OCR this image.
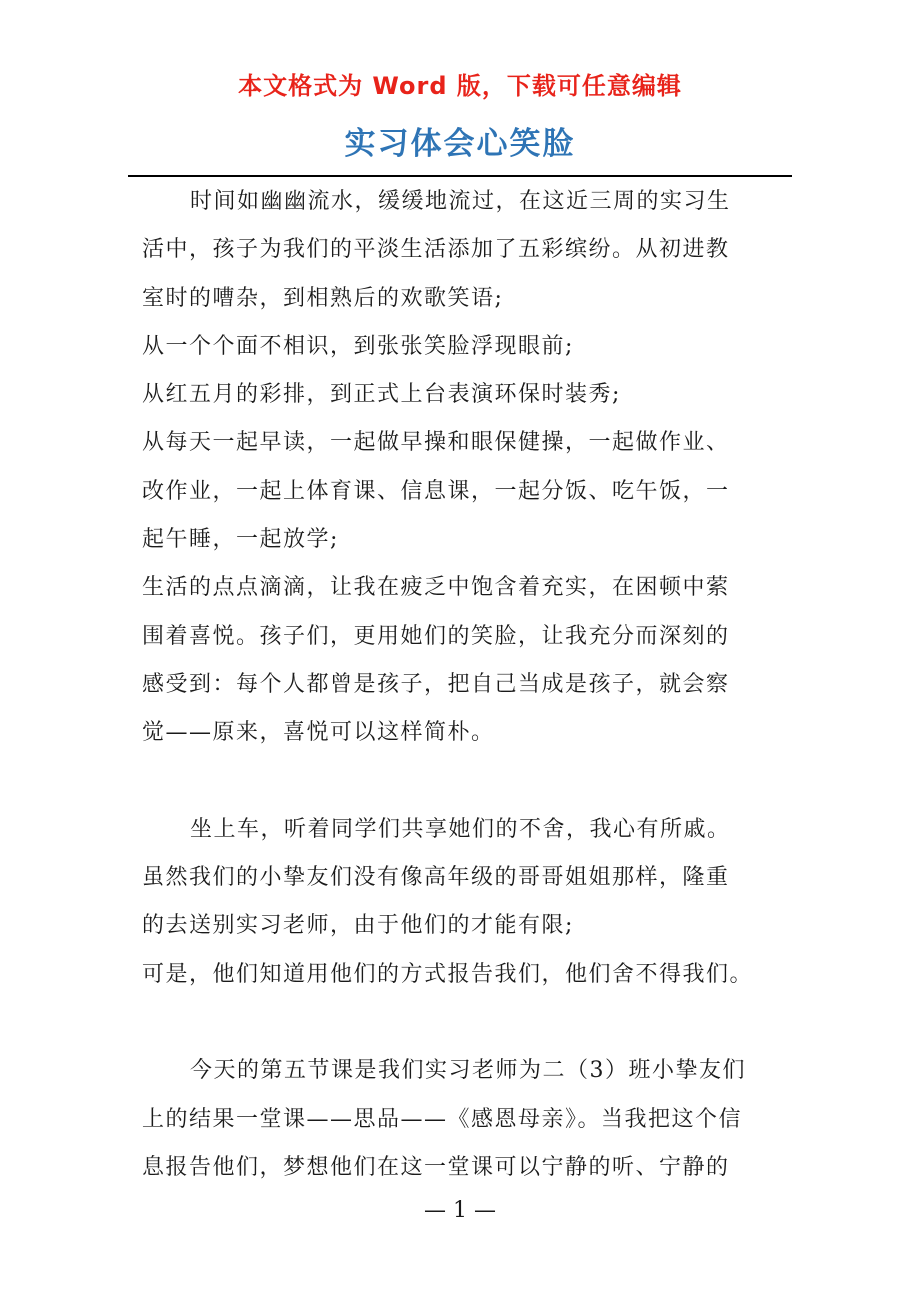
本文格式为 Word 版，下载可任意编辑
实习体会心笑脸
时间如幽幽流水，缓缓地流过，在这近三周的实习生
活中，孩子为我们的平淡生活添加了五彩缤纷。从初进教
室时的嘈杂，到相熟后的欢歌笑语;
从一个个面不相识，到张张笑脸浮现眼前;
从红五月的彩排，到正式上台表演环保时装秀;
从每天一起早读，一起做早操和眼保健操，一起做作业、
改作业，一起上体育课、信息课，一起分饭、吃午饭，一
起午睡，一起放学;
生活的点点滴滴，让我在疲乏中饱含着充实，在困顿中萦
围着喜悦。孩子们，更用她们的笑脸，让我充分而深刻的
感受到：每个人都曾是孩子，把自己当成是孩子，就会察
觉——原来，喜悦可以这样简朴。
坐上车，听着同学们共享她们的不舍，我心有所戚。
虽然我们的小挚友们没有像高年级的哥哥姐姐那样，隆重
的去送别实习老师，由于他们的才能有限;
可是，他们知道用他们的方式报告我们，他们舍不得我们。
今天的第五节课是我们实习老师为二（3）班小挚友们
上的结果一堂课——思品——《感恩母亲》。当我把这个信
息报告他们，梦想他们在这一堂课可以宁静的听、宁静的
— 1 —
